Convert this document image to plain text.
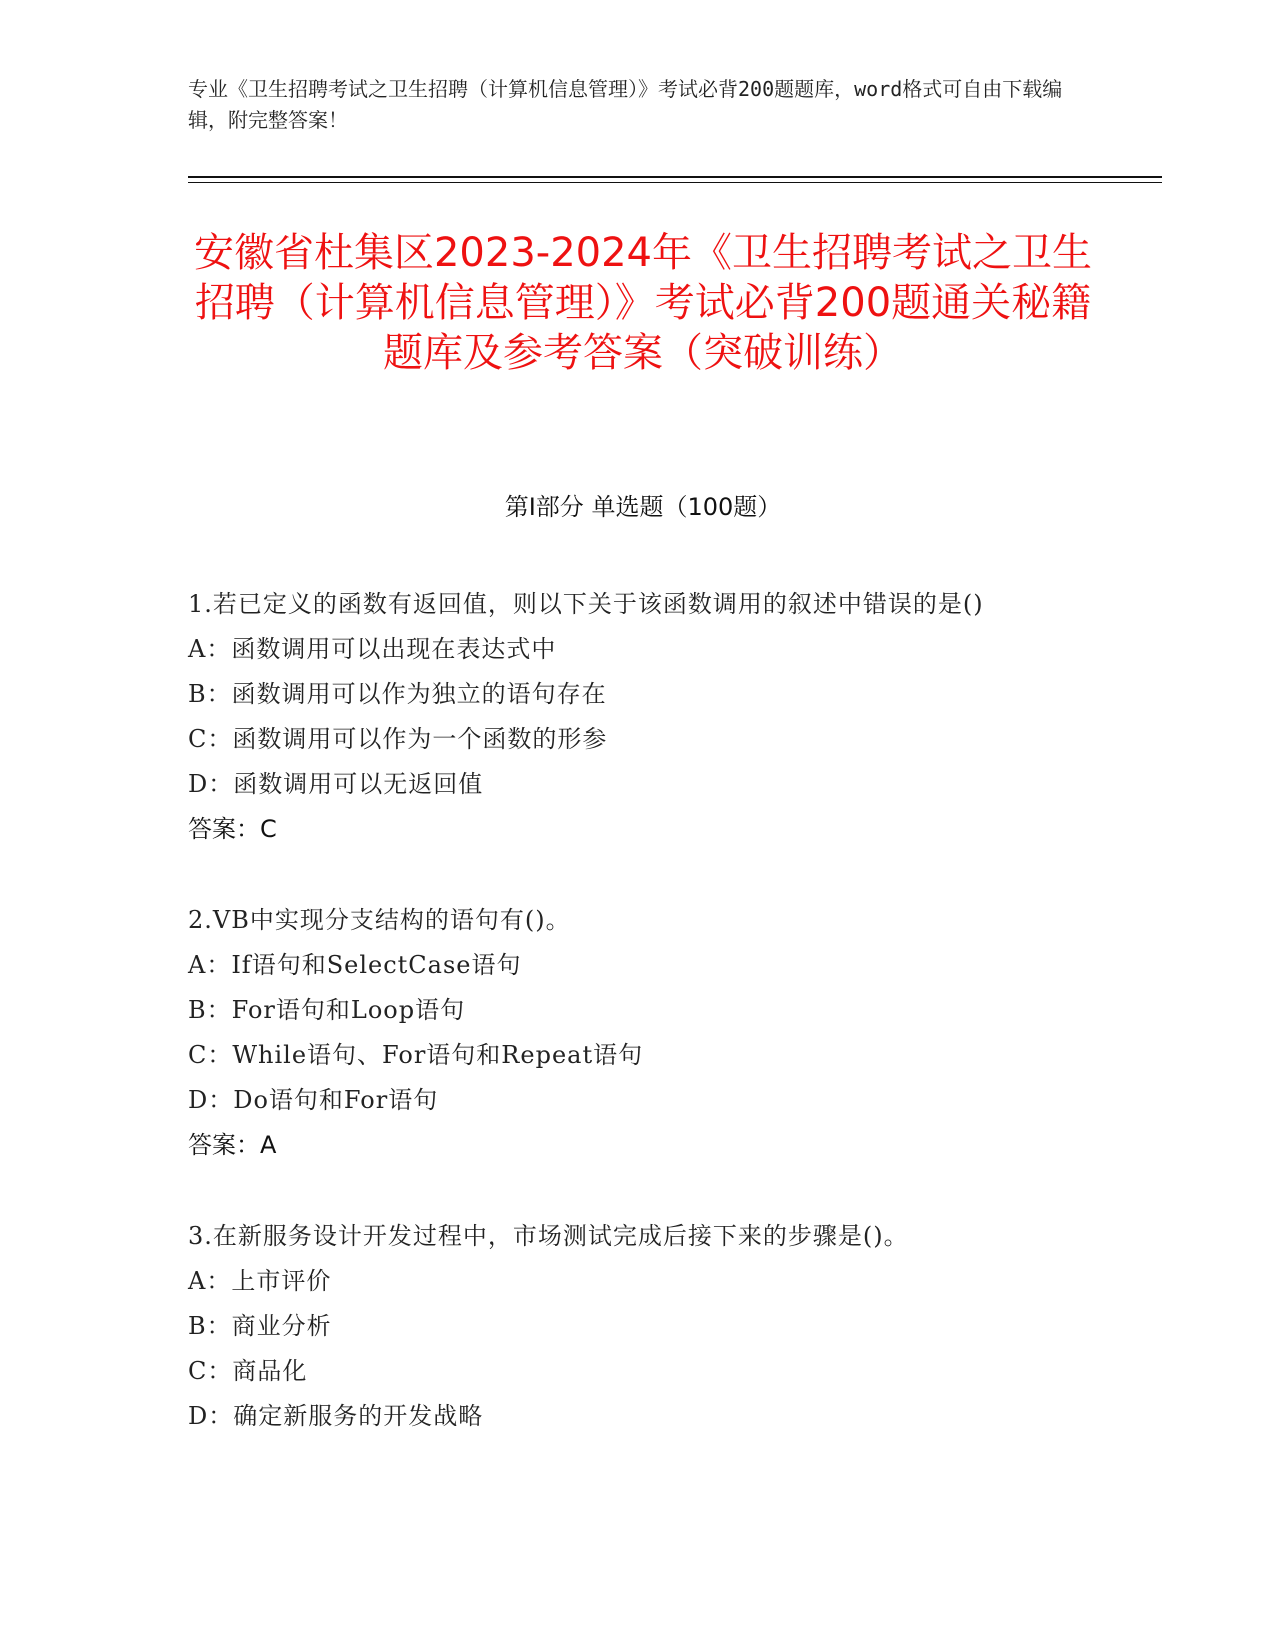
专业《卫生招聘考试之卫生招聘（计算机信息管理）》考试必背200题题库，word格式可自由下载编辑，附完整答案！
安徽省杜集区2023-2024年《卫生招聘考试之卫生招聘（计算机信息管理）》考试必背200题通关秘籍题库及参考答案（突破训练）
第Ⅰ部分 单选题（100题）
1.若已定义的函数有返回值，则以下关于该函数调用的叙述中错误的是()
A：函数调用可以出现在表达式中
B：函数调用可以作为独立的语句存在
C：函数调用可以作为一个函数的形参
D：函数调用可以无返回值
答案：C
2.VB中实现分支结构的语句有()。
A：If语句和SelectCase语句
B：For语句和Loop语句
C：While语句、For语句和Repeat语句
D：Do语句和For语句
答案：A
3.在新服务设计开发过程中，市场测试完成后接下来的步骤是()。
A：上市评价
B：商业分析
C：商品化
D：确定新服务的开发战略
